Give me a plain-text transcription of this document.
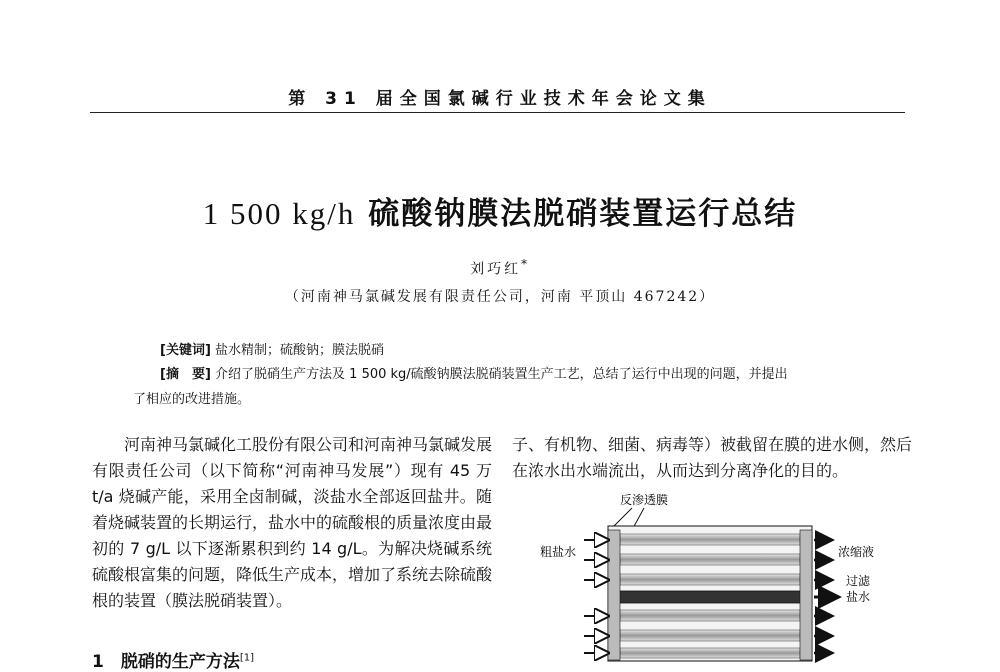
第 31 届全国氯碱行业技术年会论文集
1 500 kg/h 硫酸钠膜法脱硝装置运行总结
刘巧红*
（河南神马氯碱发展有限责任公司，河南 平顶山 467242）
[关键词] 盐水精制；硫酸钠；膜法脱硝
[摘　要] 介绍了脱硝生产方法及 1 500 kg/硫酸钠膜法脱硝装置生产工艺，总结了运行中出现的问题，并提出
了相应的改进措施。

河南神马氯碱化工股份有限公司和河南神马氯碱发展有限责任公司（以下简称“河南神马发展”）现有 45 万 t/a 烧碱产能，采用全卤制碱，淡盐水全部返回盐井。随着烧碱装置的长期运行，盐水中的硫酸根的质量浓度由最初的 7 g/L 以下逐渐累积到约 14 g/L。为解决烧碱系统硫酸根富集的问题，降低生产成本，增加了系统去除硫酸根的装置（膜法脱硝装置）。

子、有机物、细菌、病毒等）被截留在膜的进水侧，然后在浓水出水端流出，从而达到分离净化的目的。

1　脱硝的生产方法[1]
反渗透膜
粗盐水	浓缩液
过滤
盐水
